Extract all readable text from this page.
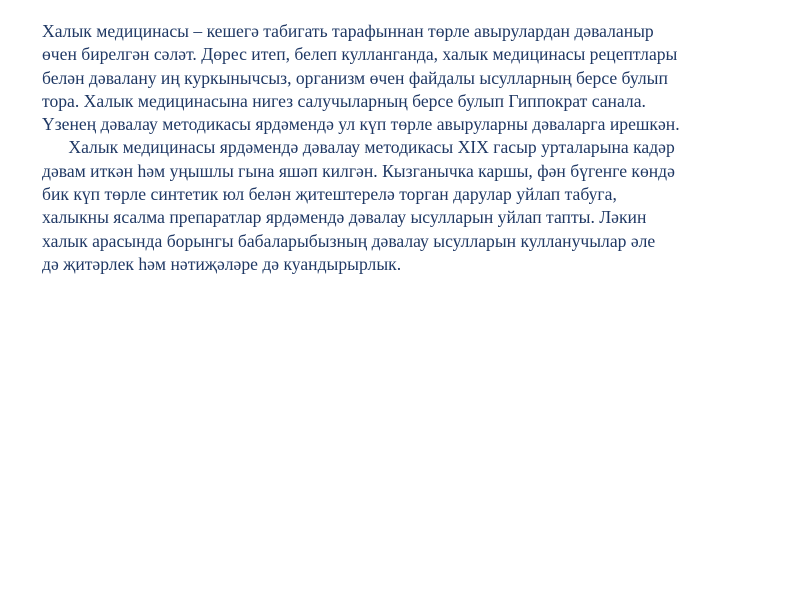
Халык медицинасы – кешегә табигать тарафыннан төрле авырулардан дәваланыр
өчен бирелгән сәләт. Дөрес итеп, белеп кулланганда, халык медицинасы рецептлары
белән дәвалану иң куркынычсыз, организм өчен файдалы ысулларның берсе булып
тора. Халык медицинасына нигез салучыларның берсе булып Гиппократ санала.
Үзенең дәвалау методикасы ярдәмендә ул күп төрле авыруларны дәваларга ирешкән.
Халык медицинасы ярдәмендә дәвалау методикасы XIX гасыр урталарына кадәр
дәвам иткән һәм уңышлы гына яшәп килгән. Кызганычка каршы, фән бүгенге көндә
бик күп төрле синтетик юл белән җитештерелә торган дарулар уйлап табуга,
халыкны ясалма препаратлар ярдәмендә дәвалау ысулларын уйлап тапты. Ләкин
халык арасында борынгы бабаларыбызның дәвалау ысулларын кулланучылар әле
дә җитәрлек һәм нәтиҗәләре дә куандырырлык.
